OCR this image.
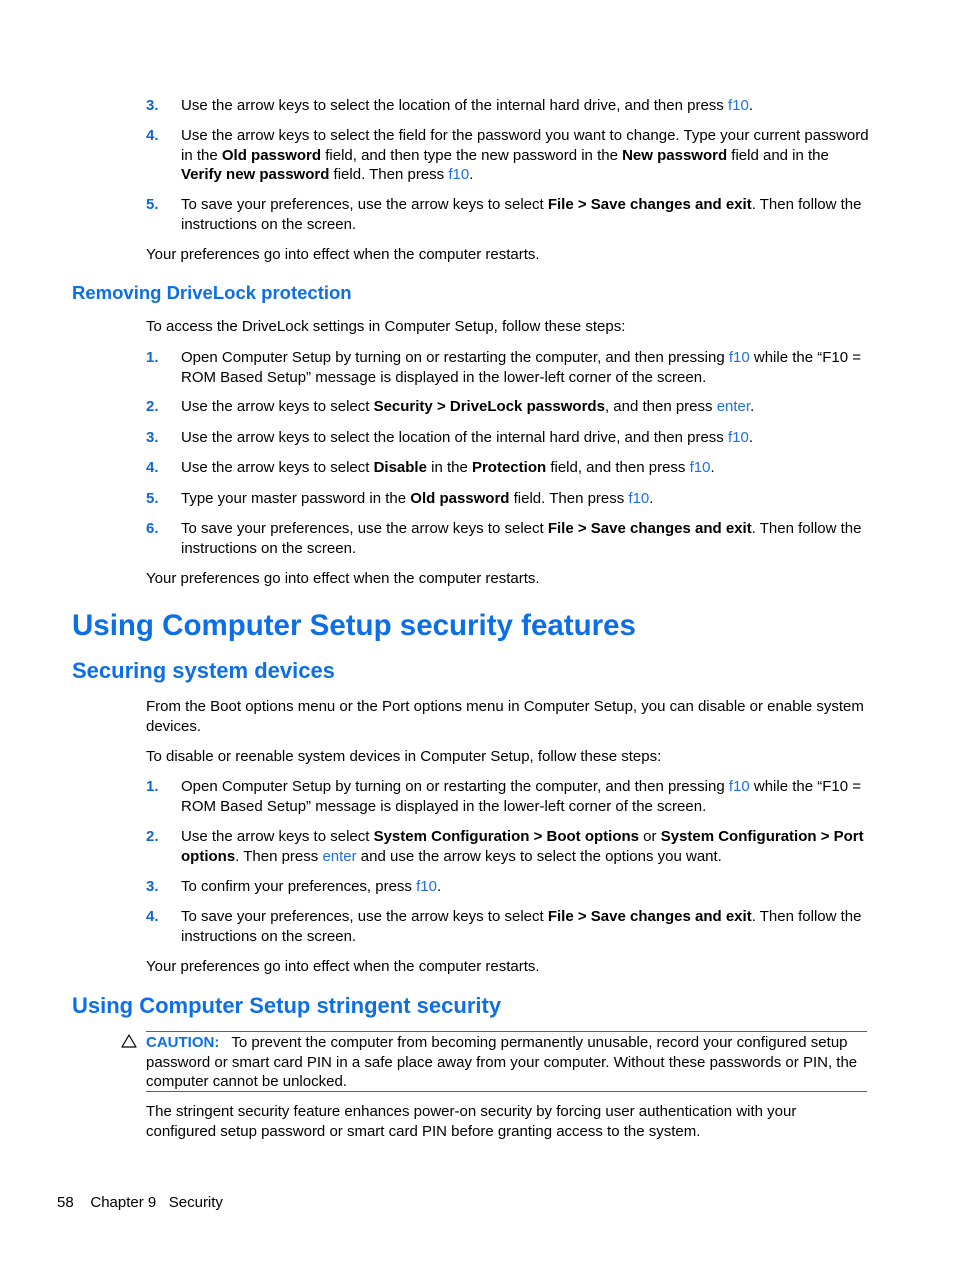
3. Use the arrow keys to select the location of the internal hard drive, and then press f10.
4. Use the arrow keys to select the field for the password you want to change. Type your current password in the Old password field, and then type the new password in the New password field and in the Verify new password field. Then press f10.
5. To save your preferences, use the arrow keys to select File > Save changes and exit. Then follow the instructions on the screen.
Your preferences go into effect when the computer restarts.
Removing DriveLock protection
To access the DriveLock settings in Computer Setup, follow these steps:
1. Open Computer Setup by turning on or restarting the computer, and then pressing f10 while the “F10 = ROM Based Setup” message is displayed in the lower-left corner of the screen.
2. Use the arrow keys to select Security > DriveLock passwords, and then press enter.
3. Use the arrow keys to select the location of the internal hard drive, and then press f10.
4. Use the arrow keys to select Disable in the Protection field, and then press f10.
5. Type your master password in the Old password field. Then press f10.
6. To save your preferences, use the arrow keys to select File > Save changes and exit. Then follow the instructions on the screen.
Your preferences go into effect when the computer restarts.
Using Computer Setup security features
Securing system devices
From the Boot options menu or the Port options menu in Computer Setup, you can disable or enable system devices.
To disable or reenable system devices in Computer Setup, follow these steps:
1. Open Computer Setup by turning on or restarting the computer, and then pressing f10 while the “F10 = ROM Based Setup” message is displayed in the lower-left corner of the screen.
2. Use the arrow keys to select System Configuration > Boot options or System Configuration > Port options. Then press enter and use the arrow keys to select the options you want.
3. To confirm your preferences, press f10.
4. To save your preferences, use the arrow keys to select File > Save changes and exit. Then follow the instructions on the screen.
Your preferences go into effect when the computer restarts.
Using Computer Setup stringent security
CAUTION: To prevent the computer from becoming permanently unusable, record your configured setup password or smart card PIN in a safe place away from your computer. Without these passwords or PIN, the computer cannot be unlocked.
The stringent security feature enhances power-on security by forcing user authentication with your configured setup password or smart card PIN before granting access to the system.
58 Chapter 9 Security
